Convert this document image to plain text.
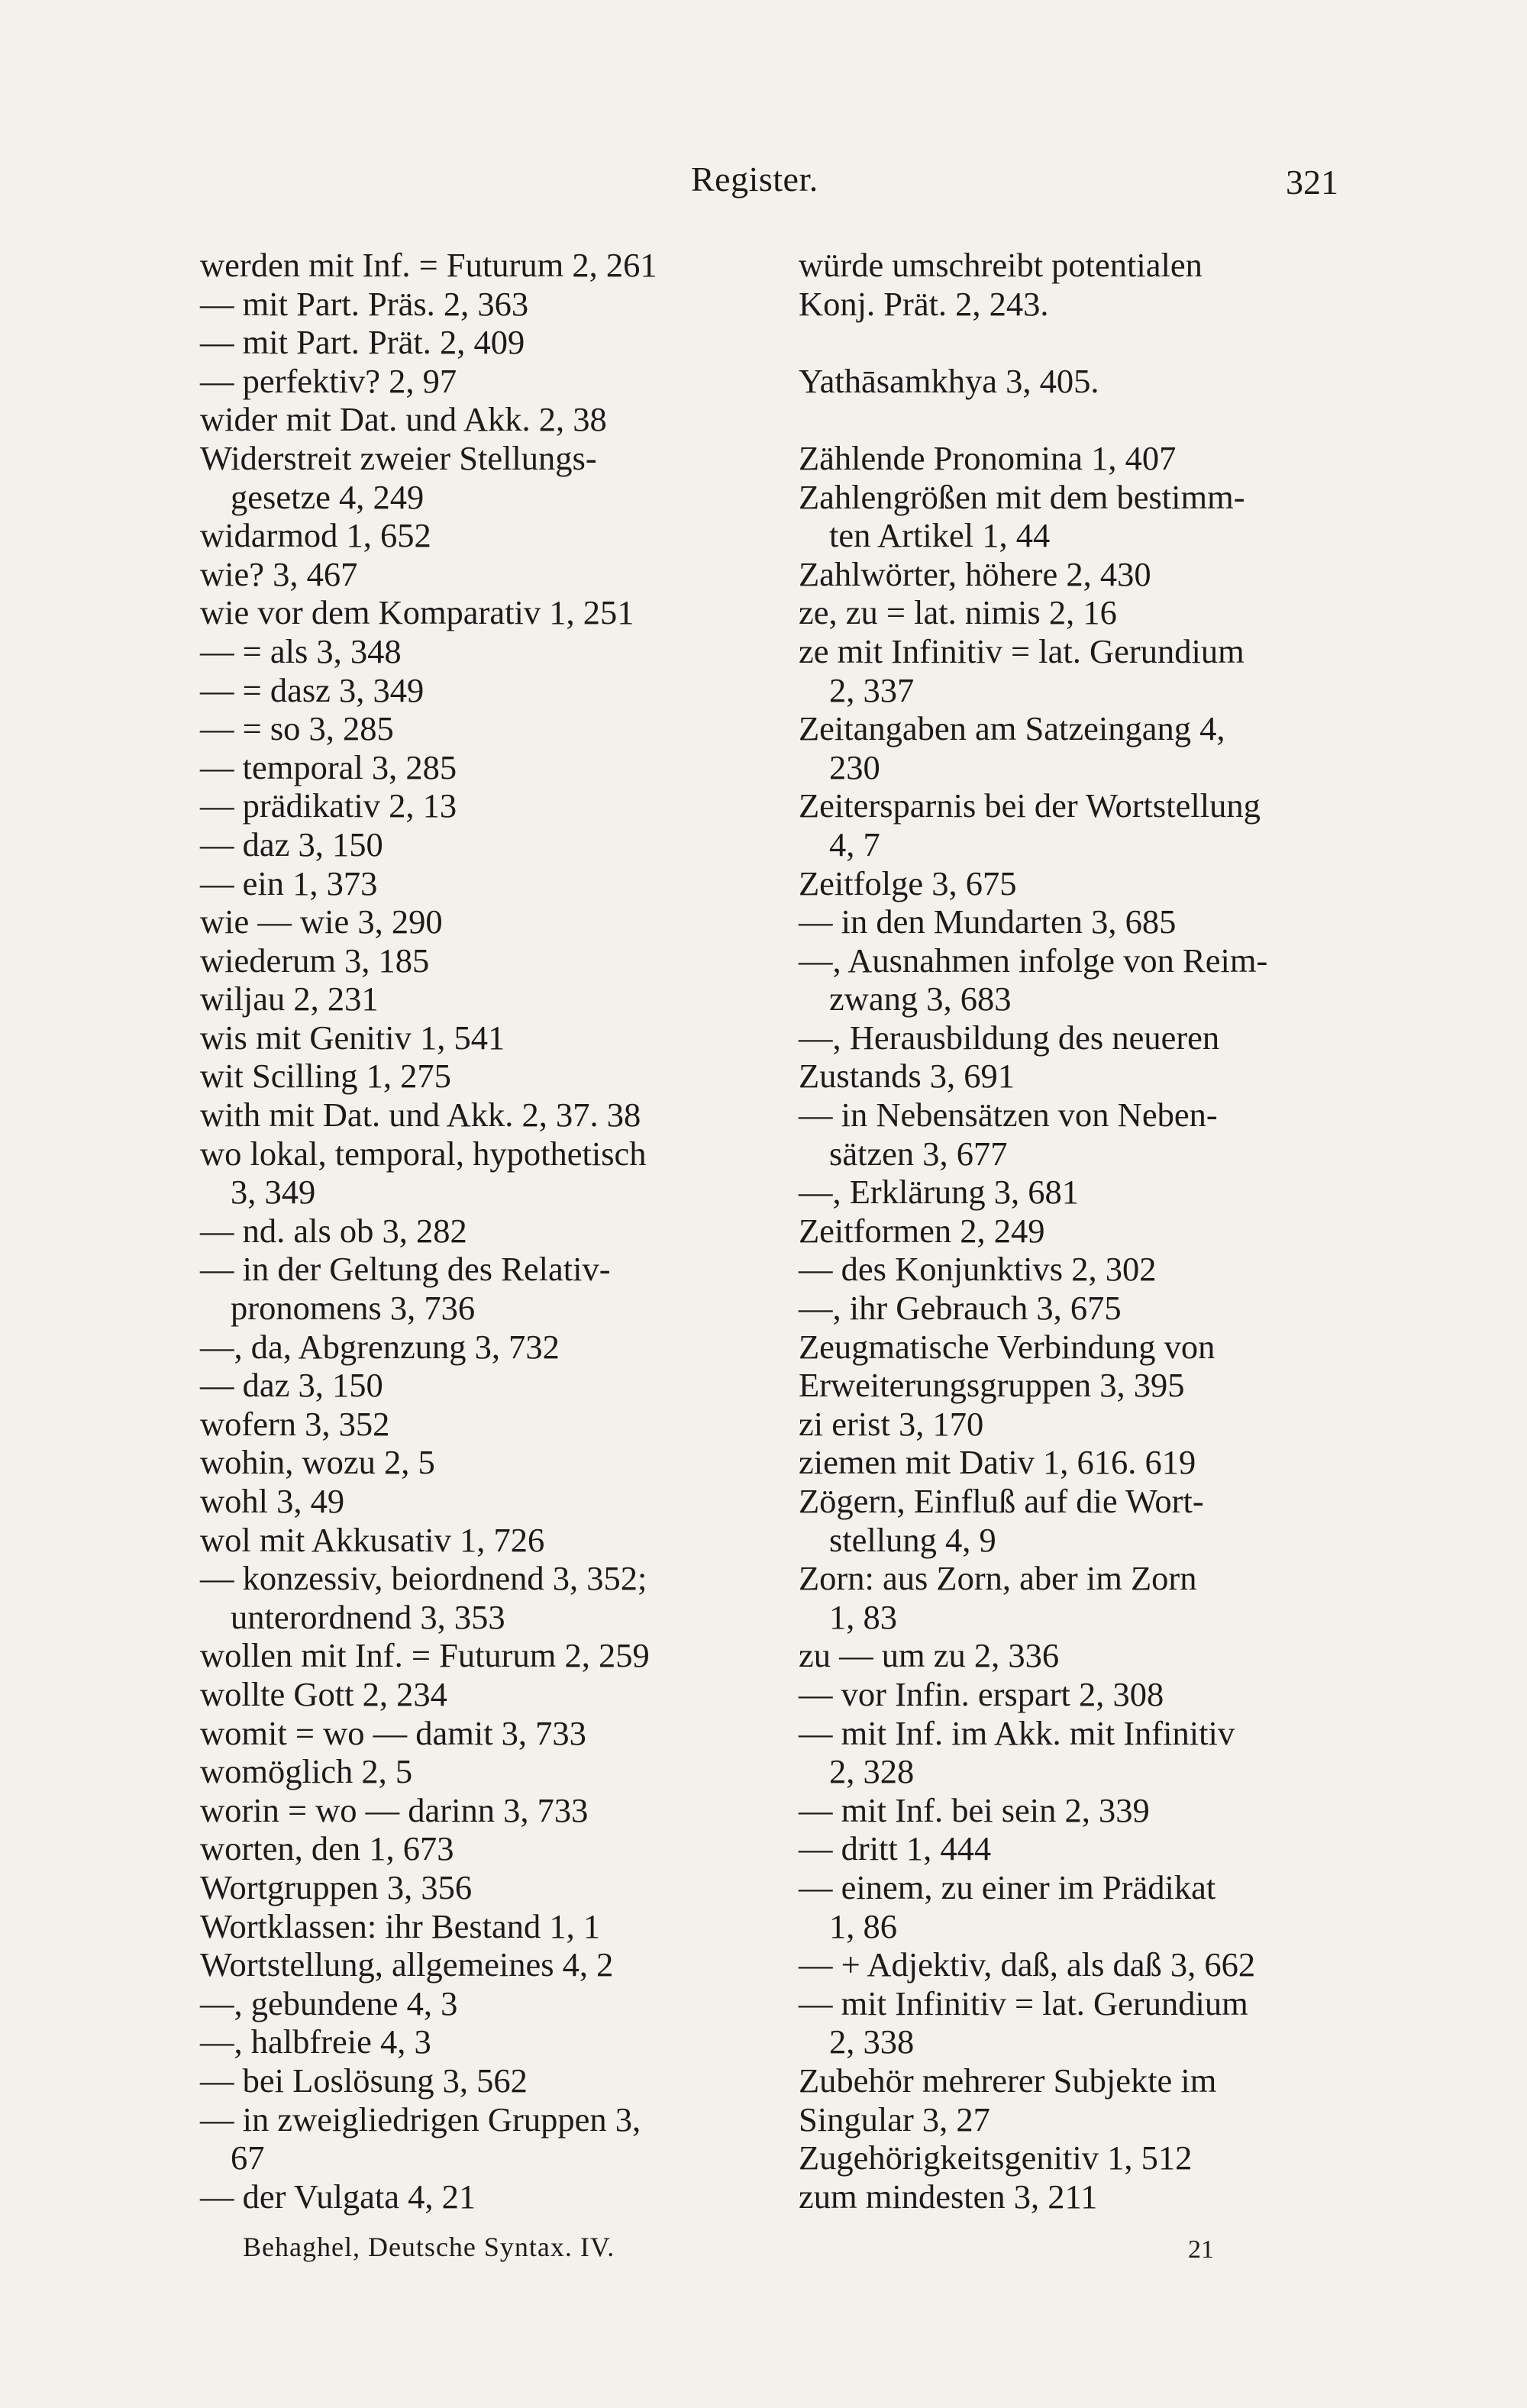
Register.	321
werden mit Inf. = Futurum 2, 261
— mit Part. Präs. 2, 363
— mit Part. Prät. 2, 409
— perfektiv? 2, 97
wider mit Dat. und Akk. 2, 38
Widerstreit zweier Stellungs-
gesetze 4, 249
widarmod 1, 652
wie? 3, 467
wie vor dem Komparativ 1, 251
— = als 3, 348
— = dasz 3, 349
— = so 3, 285
— temporal 3, 285
— prädikativ 2, 13
— daz 3, 150
— ein 1, 373
wie — wie 3, 290
wiederum 3, 185
wiljau 2, 231
wis mit Genitiv 1, 541
wit Scilling 1, 275
with mit Dat. und Akk. 2, 37. 38
wo lokal, temporal, hypothetisch
3, 349
— nd. als ob 3, 282
— in der Geltung des Relativ-
pronomens 3, 736
—, da, Abgrenzung 3, 732
— daz 3, 150
wofern 3, 352
wohin, wozu 2, 5
wohl 3, 49
wol mit Akkusativ 1, 726
— konzessiv, beiordnend 3, 352;
unterordnend 3, 353
wollen mit Inf. = Futurum 2, 259
wollte Gott 2, 234
womit = wo — damit 3, 733
womöglich 2, 5
worin = wo — darinn 3, 733
worten, den 1, 673
Wortgruppen 3, 356
Wortklassen: ihr Bestand 1, 1
Wortstellung, allgemeines 4, 2
—, gebundene 4, 3
—, halbfreie 4, 3
— bei Loslösung 3, 562
— in zweigliedrigen Gruppen 3,
67
— der Vulgata 4, 21
würde umschreibt potentialen
Konj. Prät. 2, 243.
Yathāsamkhya 3, 405.
Zählende Pronomina 1, 407
Zahlengrößen mit dem bestimm-
ten Artikel 1, 44
Zahlwörter, höhere 2, 430
ze, zu = lat. nimis 2, 16
ze mit Infinitiv = lat. Gerundium
2, 337
Zeitangaben am Satzeingang 4,
230
Zeitersparnis bei der Wortstellung
4, 7
Zeitfolge 3, 675
— in den Mundarten 3, 685
—, Ausnahmen infolge von Reim-
zwang 3, 683
—, Herausbildung des neueren
Zustands 3, 691
— in Nebensätzen von Neben-
sätzen 3, 677
—, Erklärung 3, 681
Zeitformen 2, 249
— des Konjunktivs 2, 302
—, ihr Gebrauch 3, 675
Zeugmatische Verbindung von
Erweiterungsgruppen 3, 395
zi erist 3, 170
ziemen mit Dativ 1, 616. 619
Zögern, Einfluß auf die Wort-
stellung 4, 9
Zorn: aus Zorn, aber im Zorn
1, 83
zu — um zu 2, 336
— vor Infin. erspart 2, 308
— mit Inf. im Akk. mit Infinitiv
2, 328
— mit Inf. bei sein 2, 339
— dritt 1, 444
— einem, zu einer im Prädikat
1, 86
— + Adjektiv, daß, als daß 3, 662
— mit Infinitiv = lat. Gerundium
2, 338
Zubehör mehrerer Subjekte im
Singular 3, 27
Zugehörigkeitsgenitiv 1, 512
zum mindesten 3, 211
Behaghel, Deutsche Syntax. IV.	21
